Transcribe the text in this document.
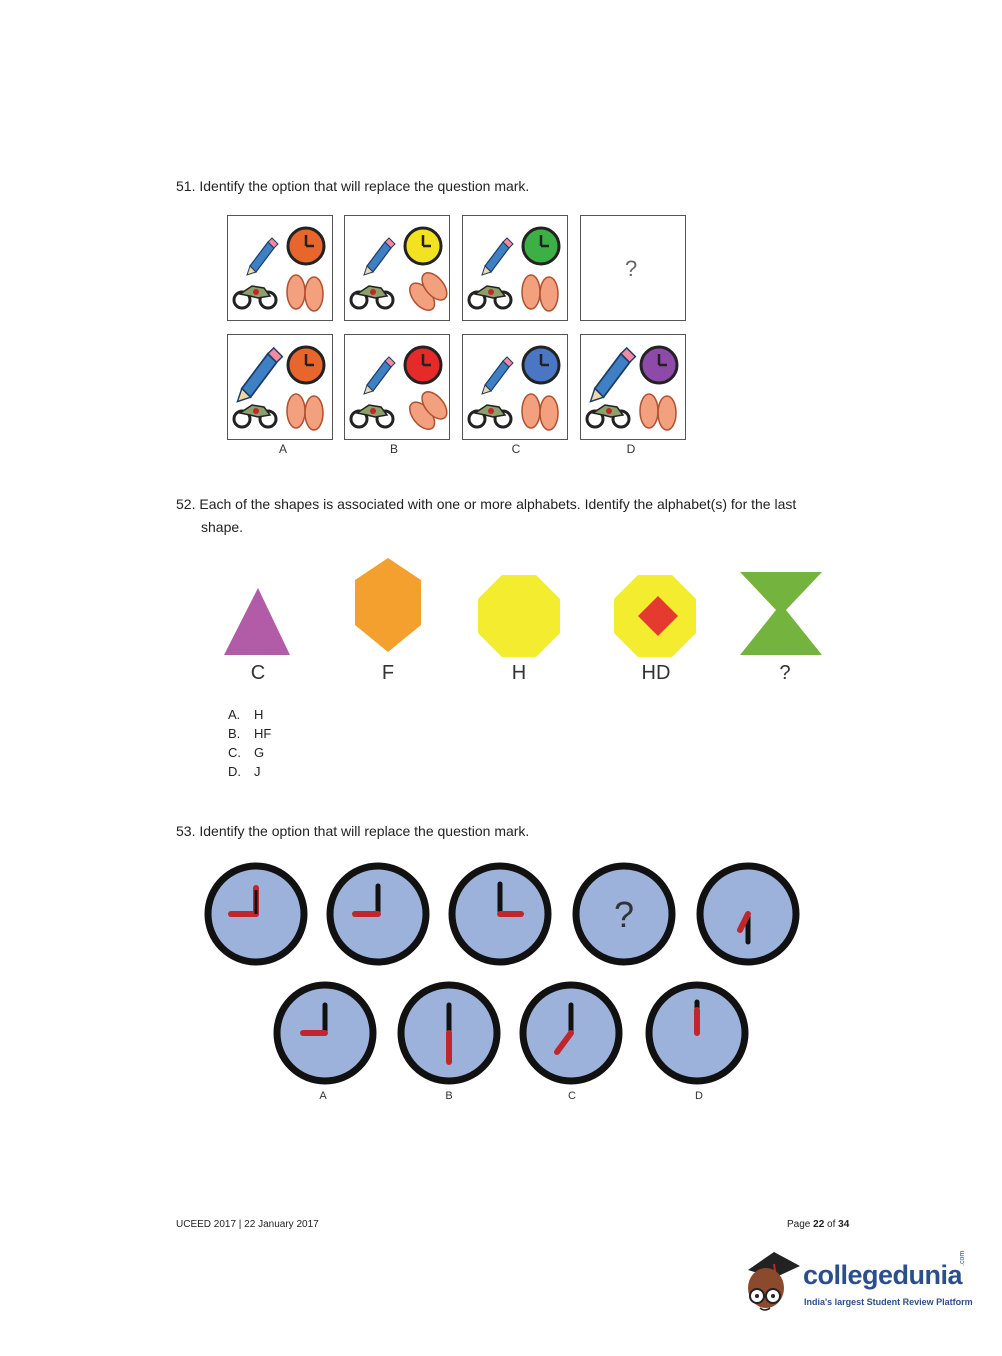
51. Identify the option that will replace the question mark.
?
A	B	C	D
52. Each of the shapes is associated with one or more alphabets. Identify the alphabet(s) for the last
shape.
C	F	H	HD	?
A. H
B. HF
C. G
D. J
53. Identify the option that will replace the question mark.
?
A	B	C	D
UCEED 2017 | 22 January 2017	Page 22 of 34
collegedunia
.com
India's largest Student Review Platform
